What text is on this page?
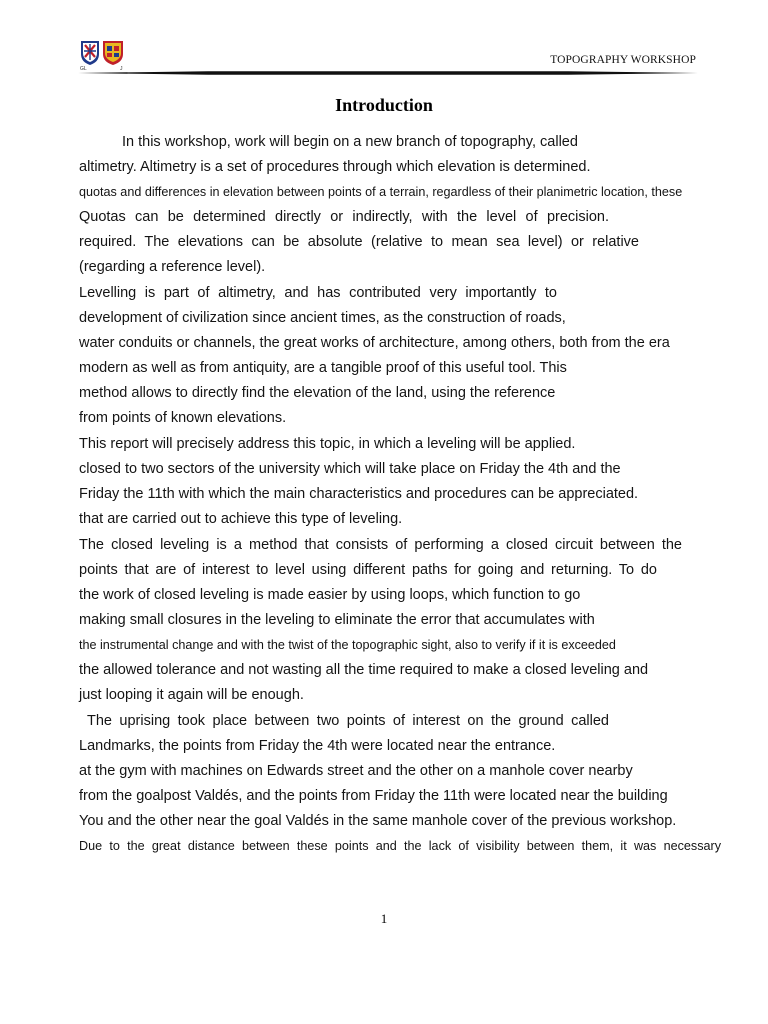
GL	J
TOPOGRAPHY WORKSHOP
Introduction
In this workshop, work will begin on a new branch of topography, called
altimetry. Altimetry is a set of procedures through which elevation is determined.
quotas and differences in elevation between points of a terrain, regardless of their planimetric location, these
Quotas can be determined directly or indirectly, with the level of precision.
required. The elevations can be absolute (relative to mean sea level) or relative
(regarding a reference level).
Levelling is part of altimetry, and has contributed very importantly to
development of civilization since ancient times, as the construction of roads,
water conduits or channels, the great works of architecture, among others, both from the era
modern as well as from antiquity, are a tangible proof of this useful tool. This
method allows to directly find the elevation of the land, using the reference
from points of known elevations.
This report will precisely address this topic, in which a leveling will be applied.
closed to two sectors of the university which will take place on Friday the 4th and the
Friday the 11th with which the main characteristics and procedures can be appreciated.
that are carried out to achieve this type of leveling.
The closed leveling is a method that consists of performing a closed circuit between the
points that are of interest to level using different paths for going and returning. To do
the work of closed leveling is made easier by using loops, which function to go
making small closures in the leveling to eliminate the error that accumulates with
the instrumental change and with the twist of the topographic sight, also to verify if it is exceeded
the allowed tolerance and not wasting all the time required to make a closed leveling and
just looping it again will be enough.
The uprising took place between two points of interest on the ground called
Landmarks, the points from Friday the 4th were located near the entrance.
at the gym with machines on Edwards street and the other on a manhole cover nearby
from the goalpost Valdés, and the points from Friday the 11th were located near the building
You and the other near the goal Valdés in the same manhole cover of the previous workshop.
Due to the great distance between these points and the lack of visibility between them, it was necessary
1
